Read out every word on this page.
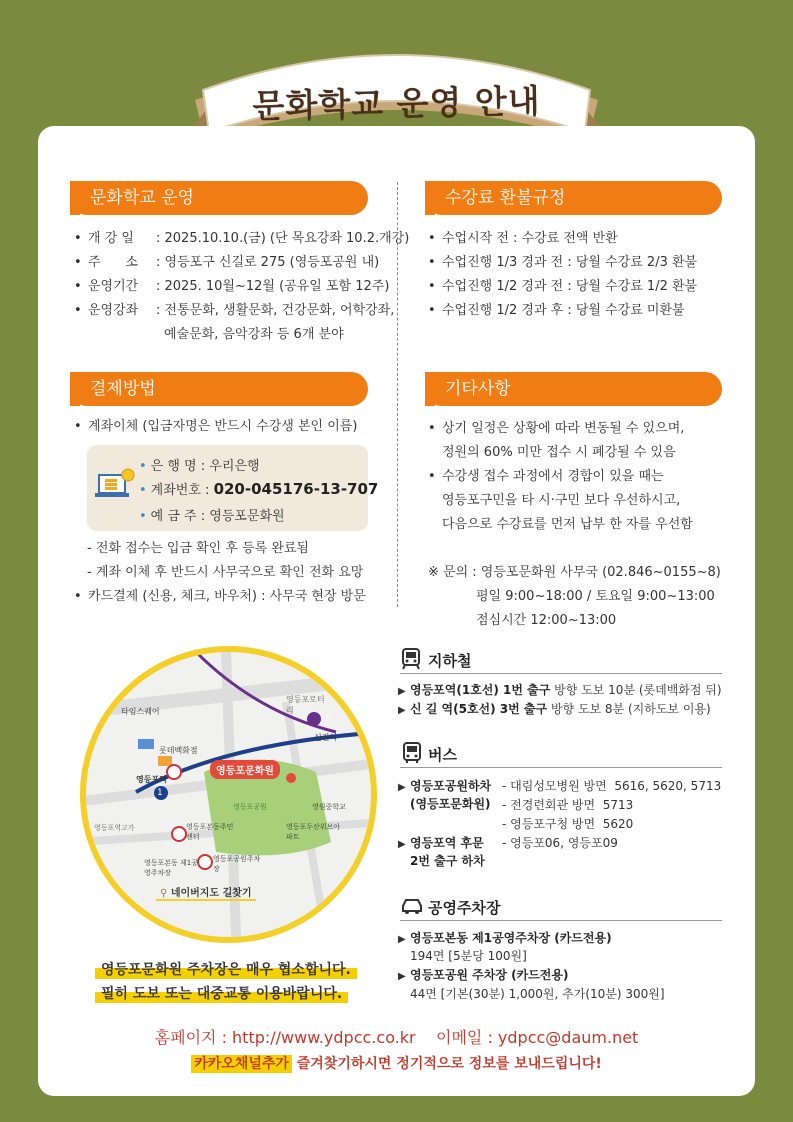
문화학교 운영 안내
문화학교 운영
• 개 강 일 : 2025.10.10.(금) (단 목요강좌 10.2.개강)
• 주      소 : 영등포구 신길로 275 (영등포공원 내)
• 운영기간 : 2025. 10월~12월 (공유일 포함 12주)
• 운영강좌 : 전통문화, 생활문화, 건강문화, 어학강좌,
예술문화, 음악강좌 등 6개 분야
수강료 환불규정
• 수업시작 전 : 수강료 전액 반환
• 수업진행 1/3 경과 전 : 당월 수강료 2/3 환불
• 수업진행 1/2 경과 전 : 당월 수강료 1/2 환불
• 수업진행 1/2 경과 후 : 당월 수강료 미환불
결제방법
• 계좌이체 (입금자명은 반드시 수강생 본인 이름)
• 은 행 명 : 우리은행
• 계좌번호 : 020-045176-13-707
• 예 금 주 : 영등포문화원
- 전화 접수는 입금 확인 후 등록 완료됨
- 계좌 이체 후 반드시 사무국으로 확인 전화 요망
• 카드결제 (신용, 체크, 바우처) : 사무국 현장 방문
기타사항
• 상기 일정은 상황에 따라 변동될 수 있으며,
정원의 60% 미만 접수 시 폐강될 수 있음
• 수강생 접수 과정에서 경합이 있을 때는
영등포구민을 타 시·구민 보다 우선하시고,
다음으로 수강료를 먼저 납부 한 자를 우선함
※ 문의 : 영등포문화원 사무국 (02.846~0155~8)
평일 9:00~18:00 / 토요일 9:00~13:00
점심시간 12:00~13:00
5
1
타임스퀘어
영등포로터리
신길역
롯데백화점
영등포역
영등포문화원
영등포공원	영원중학교
영등포두산위브아파트
영등포역고가	영등포본동주민센터
영등포본동 제1공영주차장
영등포공원주차장
⚲ 네이버지도 길찾기
영등포문화원 주차장은 매우 협소합니다.
필히 도보 또는 대중교통 이용바랍니다.
지하철
▶ 영등포역(1호선) 1번 출구 방향 도보 10분 (롯데백화점 뒤)
▶ 신 길 역(5호선) 3번 출구 방향 도보 8분 (지하도보 이용)
버스
▶ 영등포공원하차
(영등포문화원)
- 대림성모병원 방면 5616, 5620, 5713
- 전경련회관 방면 5713
- 영등포구청 방면 5620
▶ 영등포역 후문
2번 출구 하차
- 영등포06, 영등포09
공영주차장
▶ 영등포본동 제1공영주차장 (카드전용)
194면 [5분당 100원]
▶ 영등포공원 주차장 (카드전용)
44면 [기본(30분) 1,000원, 추가(10분) 300원]
홈페이지 : http://www.ydpcc.co.kr 이메일 : ydpcc@daum.net
카카오채널추가 즐겨찾기하시면 정기적으로 정보를 보내드립니다!
